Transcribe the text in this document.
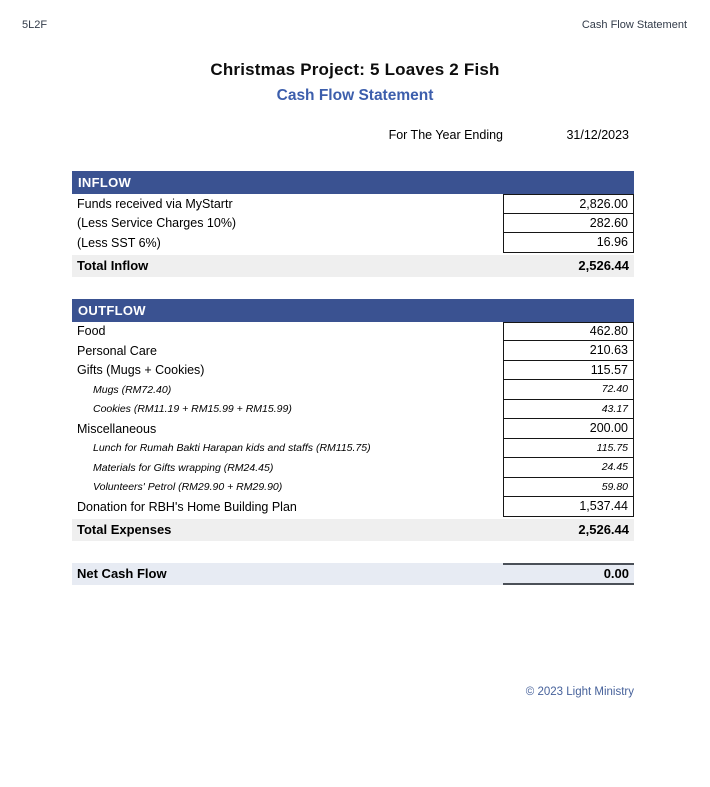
5L2F	Cash Flow Statement
Christmas Project: 5 Loaves 2 Fish
Cash Flow Statement
For The Year Ending	31/12/2023
INFLOW
Funds received via MyStartr	2,826.00
(Less Service Charges 10%)	282.60
(Less SST 6%)	16.96
Total Inflow	2,526.44
OUTFLOW
Food	462.80
Personal Care	210.63
Gifts (Mugs + Cookies)	115.57
Mugs (RM72.40)	72.40
Cookies (RM11.19 + RM15.99 + RM15.99)	43.17
Miscellaneous	200.00
Lunch for Rumah Bakti Harapan kids and staffs (RM115.75)	115.75
Materials for Gifts wrapping (RM24.45)	24.45
Volunteers' Petrol (RM29.90 + RM29.90)	59.80
Donation for RBH's Home Building Plan	1,537.44
Total Expenses	2,526.44
Net Cash Flow	0.00
© 2023 Light Ministry
